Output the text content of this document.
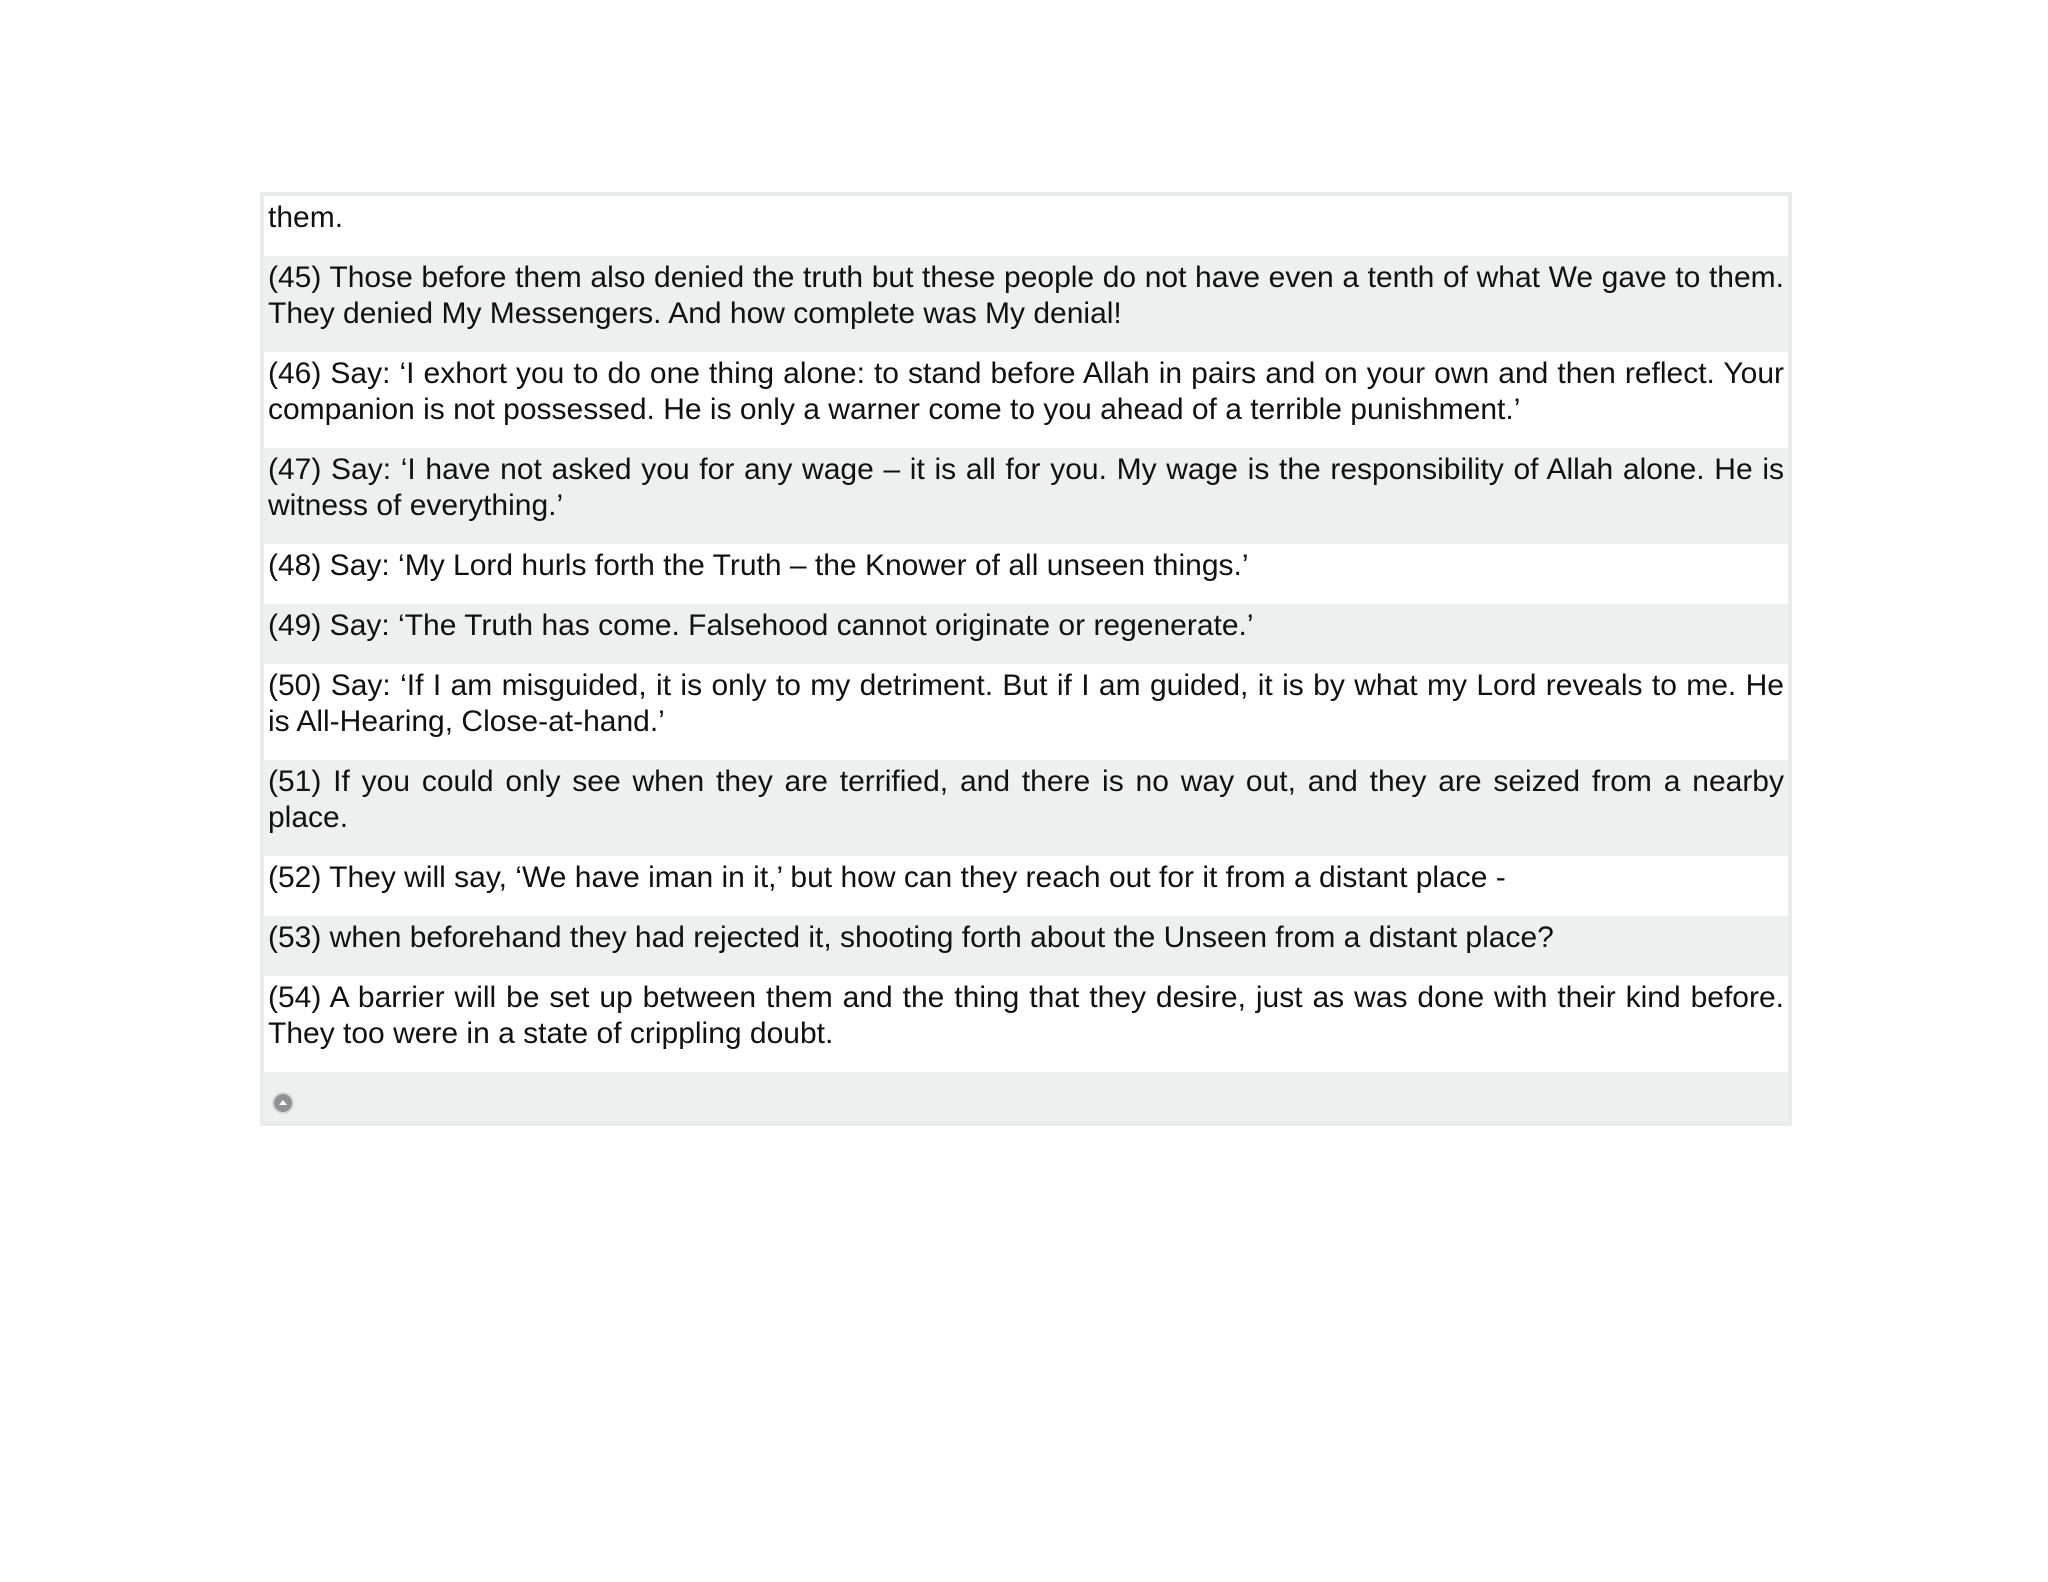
them.

(45) Those before them also denied the truth but these people do not have even a tenth of what We gave to them. They denied My Messengers. And how complete was My denial!

(46) Say: ‘I exhort you to do one thing alone: to stand before Allah in pairs and on your own and then reflect. Your companion is not possessed. He is only a warner come to you ahead of a terrible punishment.’

(47) Say: ‘I have not asked you for any wage – it is all for you. My wage is the responsibility of Allah alone. He is witness of everything.’

(48) Say: ‘My Lord hurls forth the Truth – the Knower of all unseen things.’

(49) Say: ‘The Truth has come. Falsehood cannot originate or regenerate.’

(50) Say: ‘If I am misguided, it is only to my detriment. But if I am guided, it is by what my Lord reveals to me. He is All-Hearing, Close-at-hand.’

(51) If you could only see when they are terrified, and there is no way out, and they are seized from a nearby place.

(52) They will say, ‘We have iman in it,’ but how can they reach out for it from a distant place -

(53) when beforehand they had rejected it, shooting forth about the Unseen from a distant place?

(54) A barrier will be set up between them and the thing that they desire, just as was done with their kind before. They too were in a state of crippling doubt.
